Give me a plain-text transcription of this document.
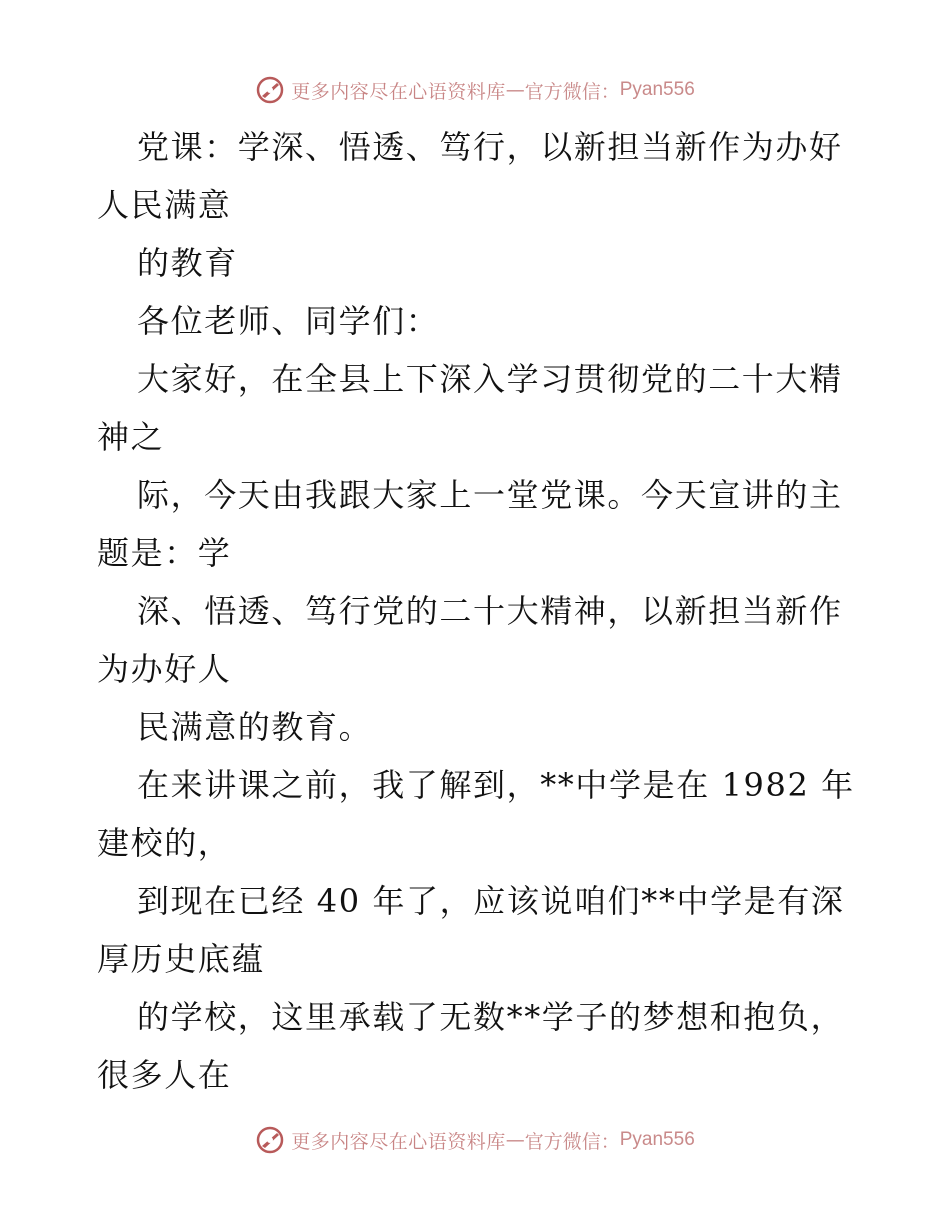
更多内容尽在心语资料库 — 官方微信： Pyan556
党课：学深、悟透、笃行，以新担当新作为办好
人民满意
的教育
各位老师、同学们：
大家好，在全县上下深入学习贯彻党的二十大精
神之
际，今天由我跟大家上一堂党课。今天宣讲的主
题是：学
深、悟透、笃行党的二十大精神，以新担当新作
为办好人
民满意的教育。
在来讲课之前，我了解到，**中学是在 1982 年
建校的，
到现在已经 40 年了，应该说咱们**中学是有深
厚历史底蕴
的学校，这里承载了无数**学子的梦想和抱负，
很多人在
更多内容尽在心语资料库 — 官方微信： Pyan556
